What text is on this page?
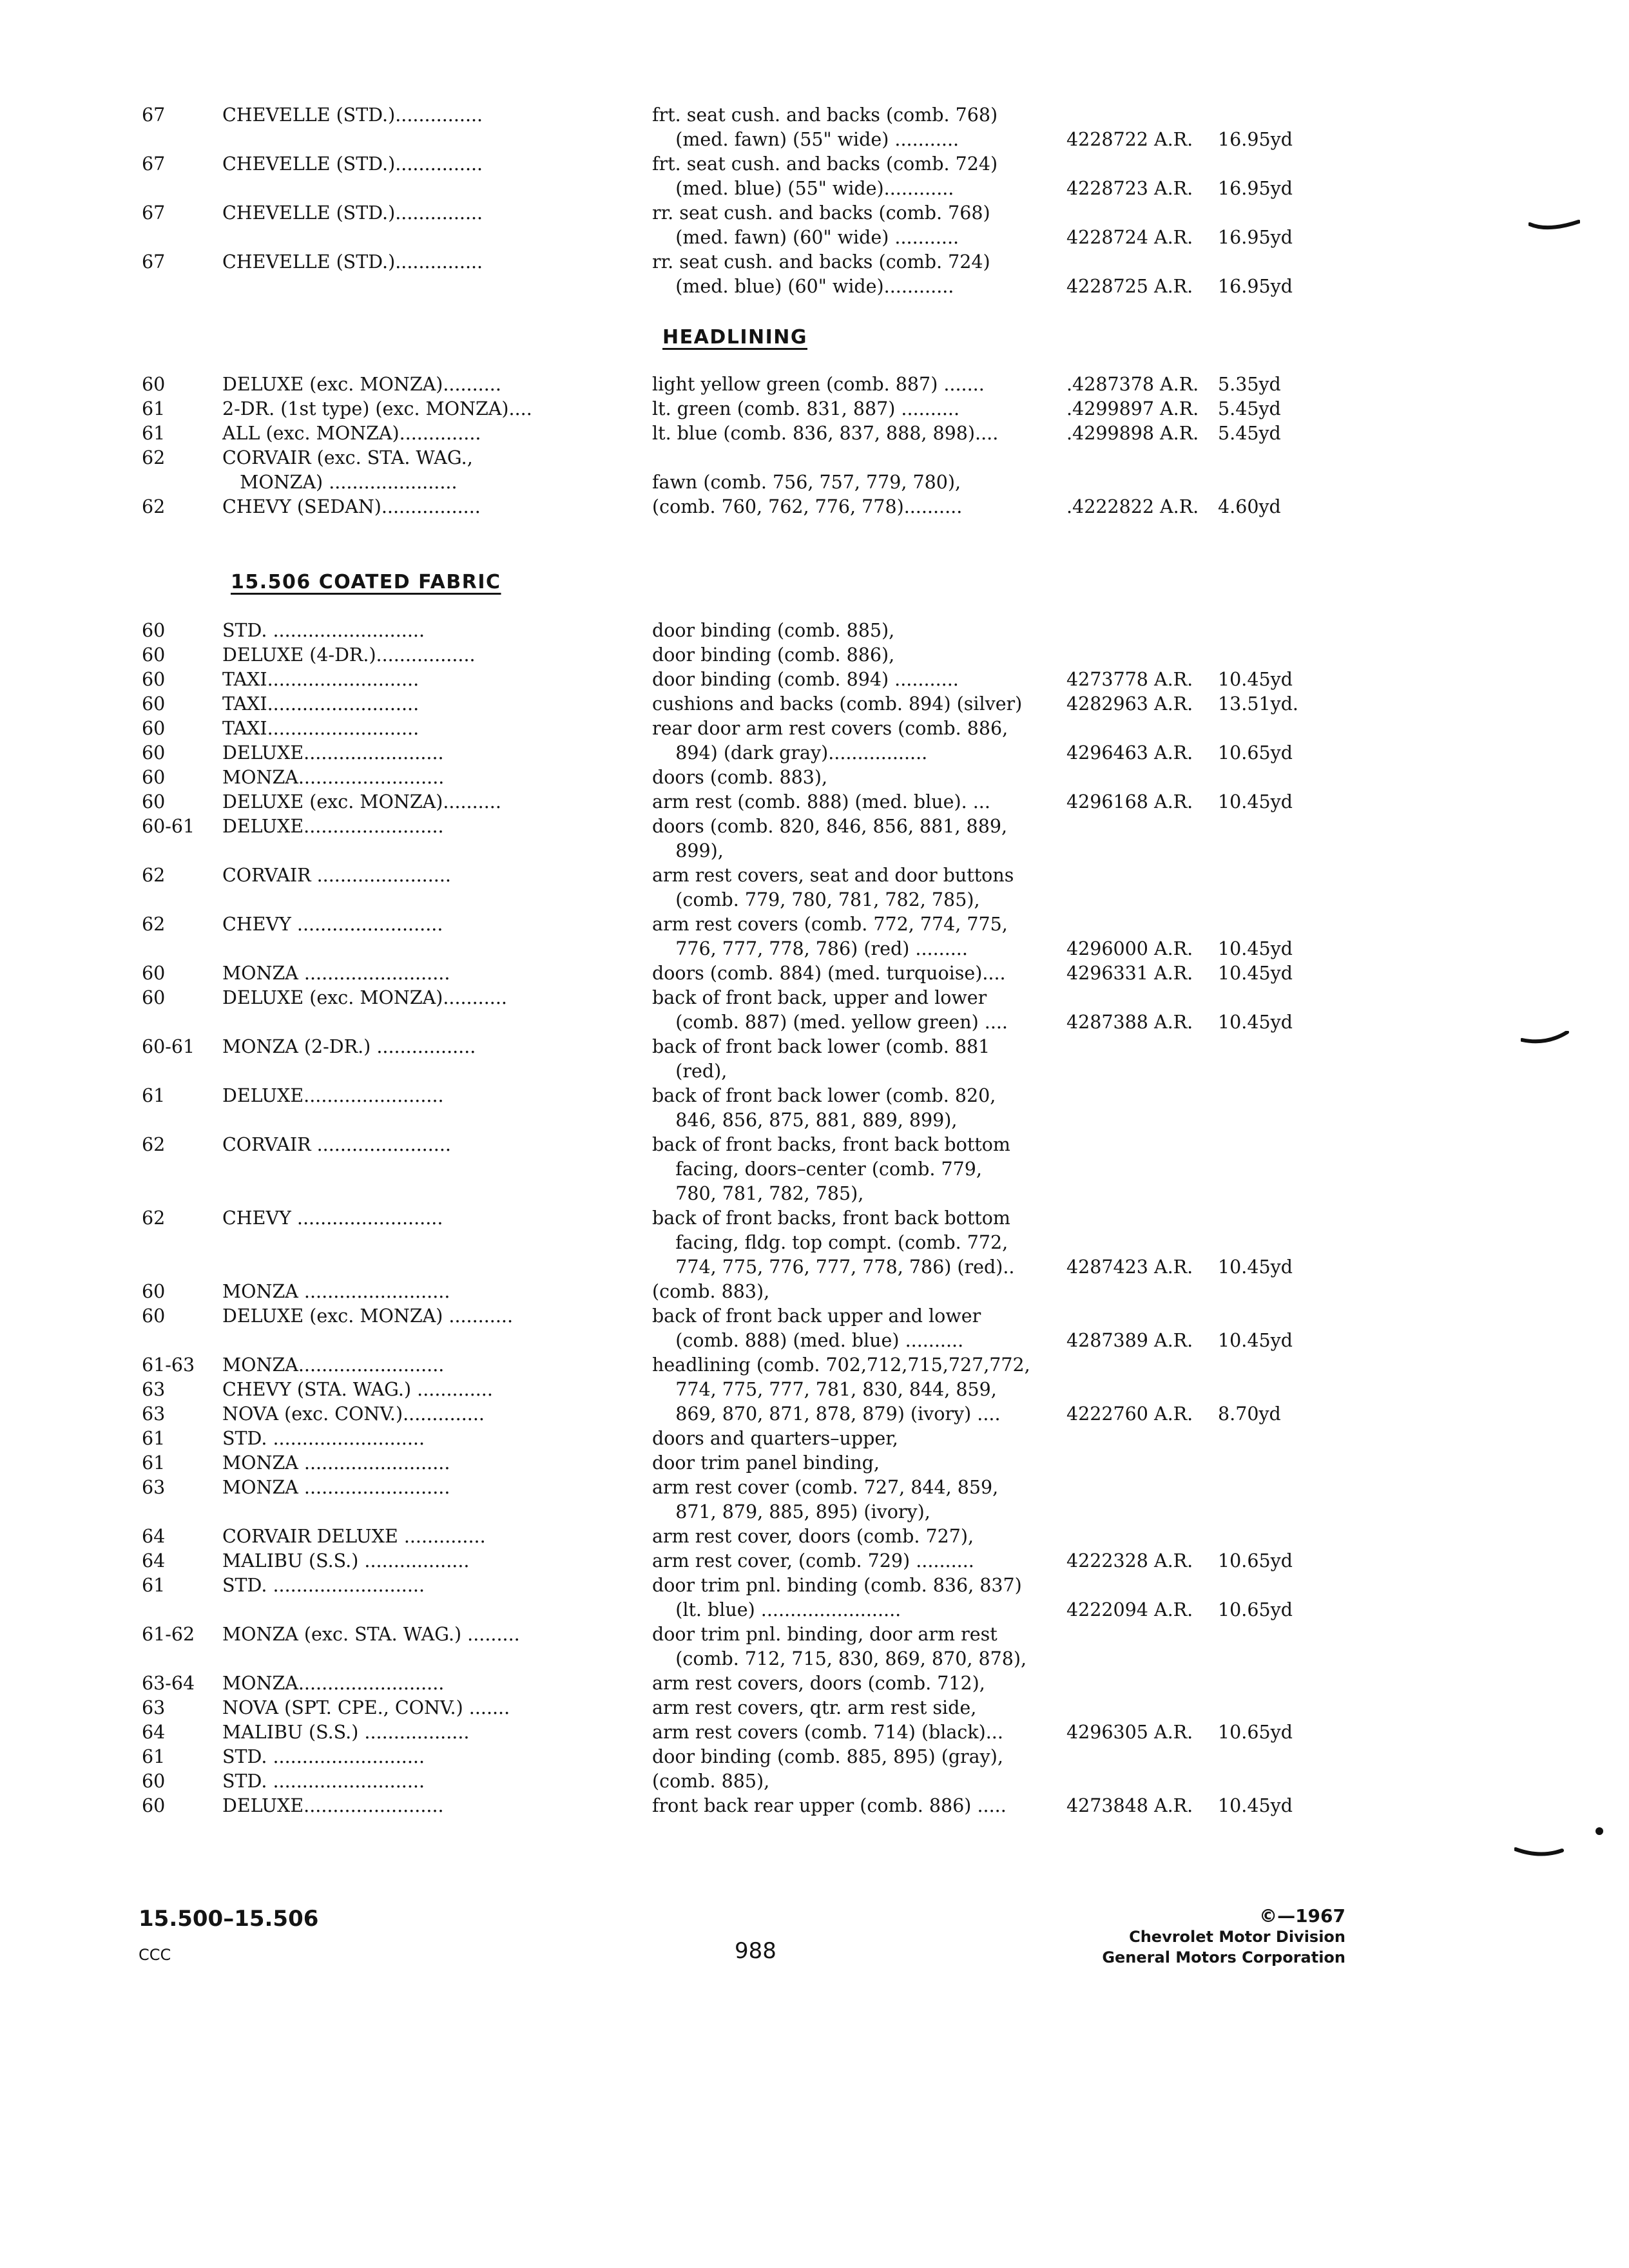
67	CHEVELLE (STD.)...............	frt. seat cush. and backs (comb. 768)
(med. fawn) (55" wide) ...........	4228722 A.R. 16.95yd
67	CHEVELLE (STD.)...............	frt. seat cush. and backs (comb. 724)
(med. blue) (55" wide)............	4228723 A.R. 16.95yd
67	CHEVELLE (STD.)...............	rr. seat cush. and backs (comb. 768)
(med. fawn) (60" wide) ...........	4228724 A.R. 16.95yd
67	CHEVELLE (STD.)...............	rr. seat cush. and backs (comb. 724)
(med. blue) (60" wide)............	4228725 A.R. 16.95yd
HEADLINING
60	DELUXE (exc. MONZA)..........	light yellow green (comb. 887) .......	.4287378 A.R. 5.35yd
61	2-DR. (1st type) (exc. MONZA)....	lt. green (comb. 831, 887) ..........	.4299897 A.R. 5.45yd
61	ALL (exc. MONZA)..............	lt. blue (comb. 836, 837, 888, 898)....	.4299898 A.R. 5.45yd
62	CORVAIR (exc. STA. WAG.,
MONZA) ......................	fawn (comb. 756, 757, 779, 780),
62	CHEVY (SEDAN).................	(comb. 760, 762, 776, 778)..........	.4222822 A.R. 4.60yd
15.506 COATED FABRIC
60	STD. ..........................	door binding (comb. 885),
60	DELUXE (4-DR.).................	door binding (comb. 886),
60	TAXI..........................	door binding (comb. 894) ...........	4273778 A.R. 10.45yd
60	TAXI..........................	cushions and backs (comb. 894) (silver) 4282963 A.R. 13.51yd.
60	TAXI..........................	rear door arm rest covers (comb. 886,
60	DELUXE........................	894) (dark gray).................	4296463 A.R. 10.65yd
60	MONZA.........................	doors (comb. 883),
60	DELUXE (exc. MONZA)..........	arm rest (comb. 888) (med. blue). ...	4296168 A.R. 10.45yd
60-61 DELUXE........................	doors (comb. 820, 846, 856, 881, 889,
899),
62	CORVAIR .......................	arm rest covers, seat and door buttons
(comb. 779, 780, 781, 782, 785),
62	CHEVY .........................	arm rest covers (comb. 772, 774, 775,
776, 777, 778, 786) (red) .........	4296000 A.R. 10.45yd
60	MONZA .........................	doors (comb. 884) (med. turquoise)....	4296331 A.R. 10.45yd
60	DELUXE (exc. MONZA)...........	back of front back, upper and lower
(comb. 887) (med. yellow green) ....	4287388 A.R. 10.45yd
60-61 MONZA (2-DR.) .................	back of front back lower (comb. 881
(red),
61	DELUXE........................	back of front back lower (comb. 820,
846, 856, 875, 881, 889, 899),
62	CORVAIR .......................	back of front backs, front back bottom
facing, doors–center (comb. 779,
780, 781, 782, 785),
62	CHEVY .........................	back of front backs, front back bottom
facing, fldg. top compt. (comb. 772,
774, 775, 776, 777, 778, 786) (red)..	4287423 A.R. 10.45yd
60	MONZA .........................	(comb. 883),
60	DELUXE (exc. MONZA) ...........	back of front back upper and lower
(comb. 888) (med. blue) ..........	4287389 A.R. 10.45yd
61-63 MONZA.........................	headlining (comb. 702,712,715,727,772,
63	CHEVY (STA. WAG.) .............	774, 775, 777, 781, 830, 844, 859,
63	NOVA (exc. CONV.)..............	869, 870, 871, 878, 879) (ivory) ....	4222760 A.R. 8.70yd
61	STD. ..........................	doors and quarters–upper,
61	MONZA .........................	door trim panel binding,
63	MONZA .........................	arm rest cover (comb. 727, 844, 859,
871, 879, 885, 895) (ivory),
64	CORVAIR DELUXE ..............	arm rest cover, doors (comb. 727),
64	MALIBU (S.S.) ..................	arm rest cover, (comb. 729) ..........	4222328 A.R. 10.65yd
61	STD. ..........................	door trim pnl. binding (comb. 836, 837)
(lt. blue) ........................	4222094 A.R. 10.65yd
61-62 MONZA (exc. STA. WAG.) .........	door trim pnl. binding, door arm rest
(comb. 712, 715, 830, 869, 870, 878),
63-64 MONZA.........................	arm rest covers, doors (comb. 712),
63	NOVA (SPT. CPE., CONV.) .......	arm rest covers, qtr. arm rest side,
64	MALIBU (S.S.) ..................	arm rest covers (comb. 714) (black)...	4296305 A.R. 10.65yd
61	STD. ..........................	door binding (comb. 885, 895) (gray),
60	STD. ..........................	(comb. 885),
60	DELUXE........................	front back rear upper (comb. 886) .....	4273848 A.R. 10.45yd
15.500–15.506
CCC	988
©—1967
Chevrolet Motor Division
General Motors Corporation
